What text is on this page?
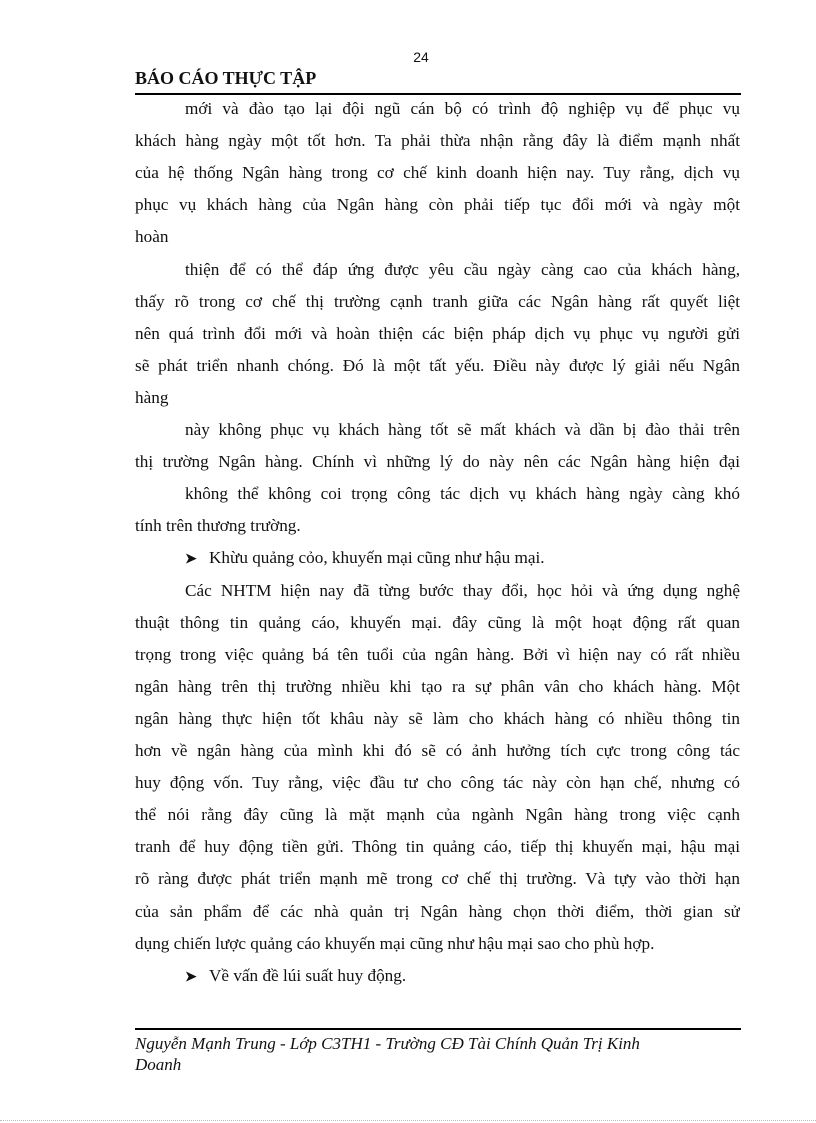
24
BÁO CÁO THỰC TẬP
mới và đào tạo lại đội ngũ cán bộ có trình độ nghiệp vụ để phục vụ
khách hàng ngày một tốt hơn. Ta phải thừa nhận rằng đây là điểm mạnh nhất
của hệ thống Ngân hàng trong cơ chế kinh doanh hiện nay. Tuy rằng, dịch vụ
phục vụ khách hàng của Ngân hàng còn phải tiếp tục đổi mới và ngày một
hoàn
thiện để có thể đáp ứng được yêu cầu ngày càng cao của khách hàng,
thấy rõ trong cơ chế thị trường cạnh tranh giữa các Ngân hàng rất quyết liệt
nên quá trình đổi mới và hoàn thiện các biện pháp dịch vụ phục vụ người gửi
sẽ phát triển nhanh chóng. Đó là một tất yếu. Điều này được lý giải nếu Ngân
hàng
này không phục vụ khách hàng tốt sẽ mất khách và dần bị đào thải trên
thị trường Ngân hàng. Chính vì những lý do này nên các Ngân hàng hiện đại
không thể không coi trọng công tác dịch vụ khách hàng ngày càng khó
tính trên thương trường.
➤ Khừu quảng cỏo, khuyến mại cũng như hậu mại.
Các NHTM hiện nay đã từng bước thay đổi, học hỏi và ứng dụng nghệ
thuật thông tin quảng cáo, khuyến mại. đây cũng là một hoạt động rất quan
trọng trong việc quảng bá tên tuổi của ngân hàng. Bởi vì hiện nay có rất nhiều
ngân hàng trên thị trường nhiều khi tạo ra sự phân vân cho khách hàng. Một
ngân hàng thực hiện tốt khâu này sẽ làm cho khách hàng có nhiều thông tin
hơn về ngân hàng của mình khi đó sẽ có ảnh hưởng tích cực trong công tác
huy động vốn. Tuy rằng, việc đầu tư cho công tác này còn hạn chế, nhưng có
thể nói rằng đây cũng là mặt mạnh của ngành Ngân hàng trong việc cạnh
tranh để huy động tiền gửi. Thông tin quảng cáo, tiếp thị khuyến mại, hậu mại
rõ ràng được phát triển mạnh mẽ trong cơ chế thị trường. Và tựy vào thời hạn
của sản phẩm để các nhà quản trị Ngân hàng chọn thời điểm, thời gian sử
dụng chiến lược quảng cáo khuyến mại cũng như hậu mại sao cho phù hợp.
➤ Về vấn đề lúi suất huy động.
Nguyễn Mạnh Trung - Lớp C3TH1 - Trường CĐ Tài Chính Quản Trị Kinh
Doanh
